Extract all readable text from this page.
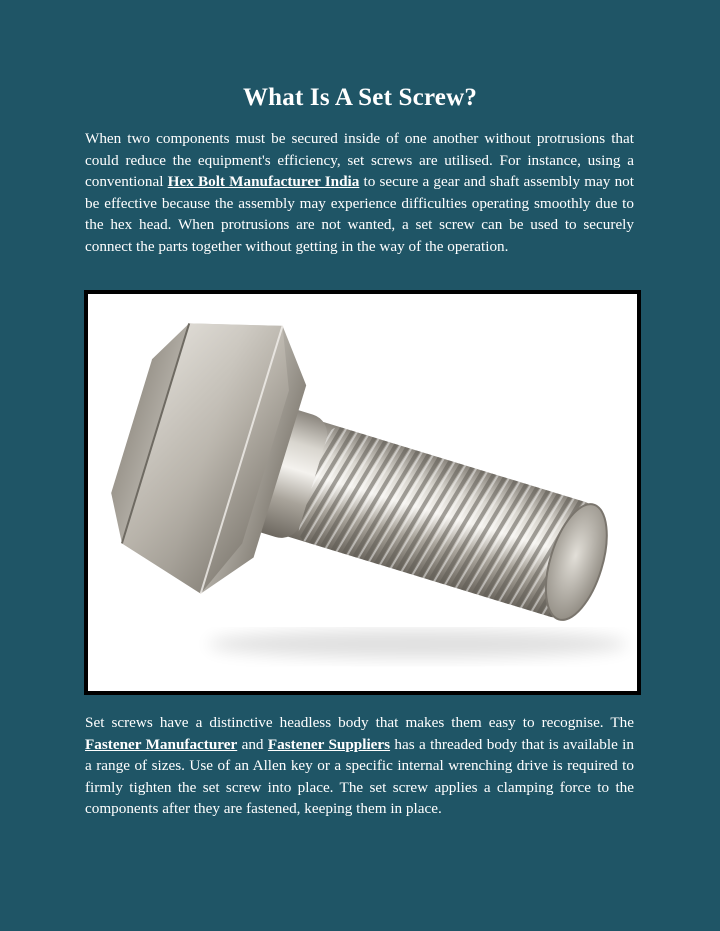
What Is A Set Screw?

When two components must be secured inside of one another without protrusions that could reduce the equipment's efficiency, set screws are utilised. For instance, using a conventional Hex Bolt Manufacturer India to secure a gear and shaft assembly may not be effective because the assembly may experience difficulties operating smoothly due to the hex head. When protrusions are not wanted, a set screw can be used to securely connect the parts together without getting in the way of the operation.

Set screws have a distinctive headless body that makes them easy to recognise. The Fastener Manufacturer and Fastener Suppliers has a threaded body that is available in a range of sizes. Use of an Allen key or a specific internal wrenching drive is required to firmly tighten the set screw into place. The set screw applies a clamping force to the components after they are fastened, keeping them in place.
